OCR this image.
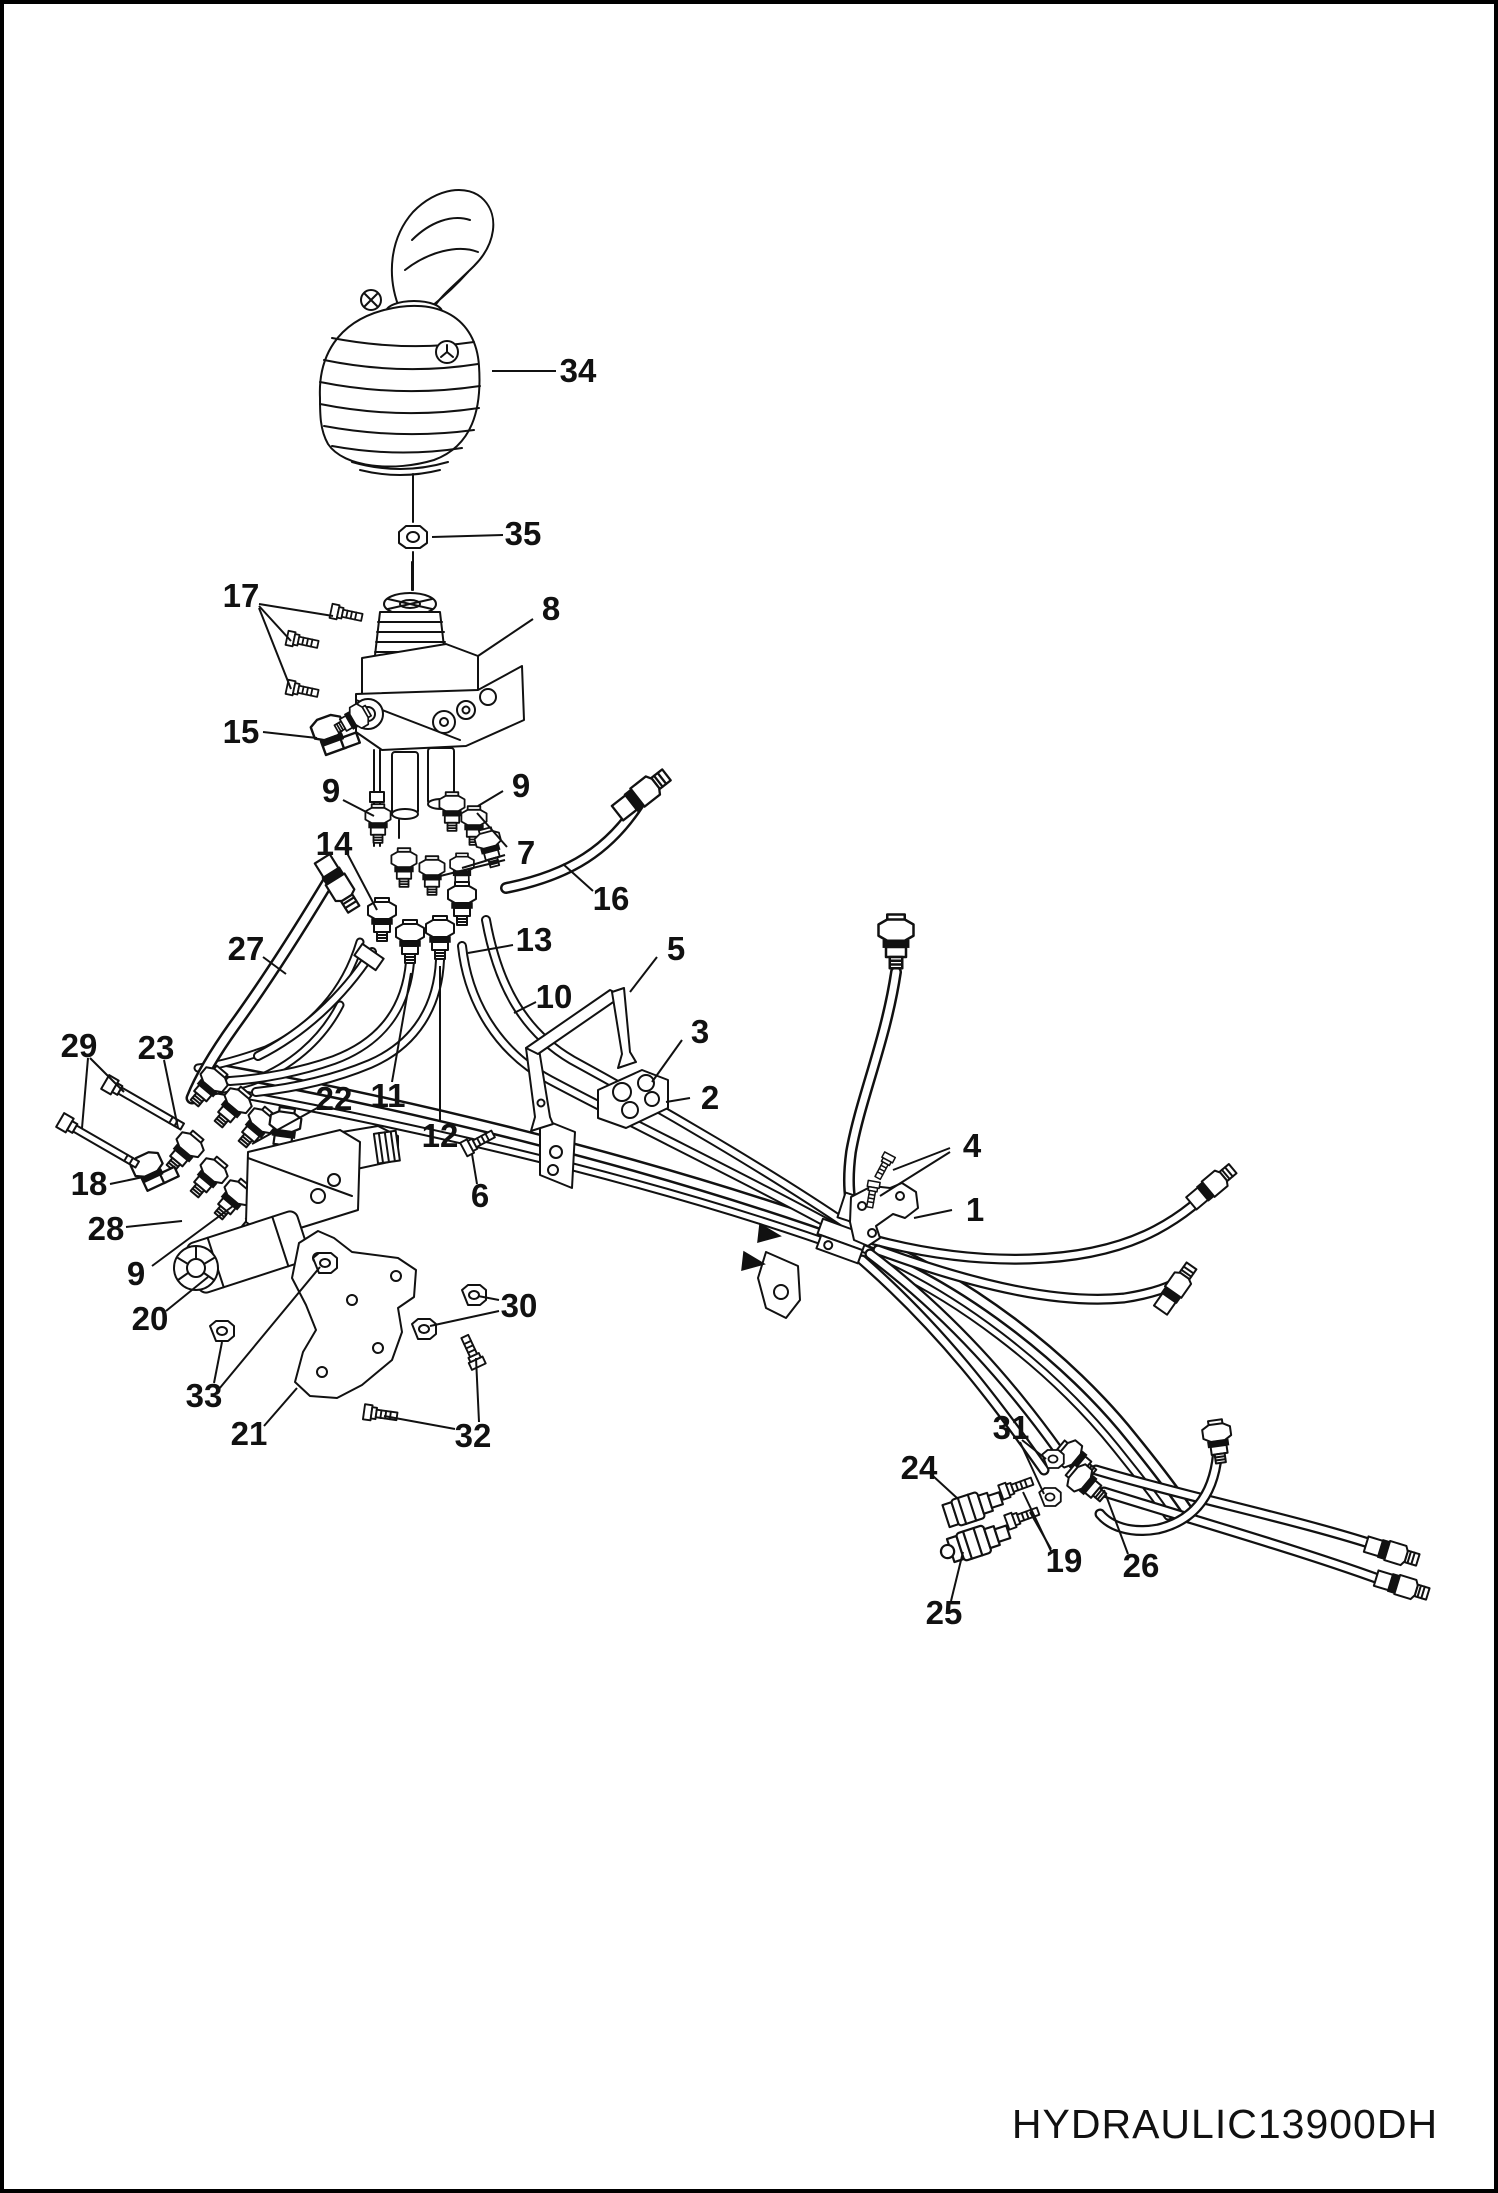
1
2
3
4
5
6
7
8
9	9
9
10
11
12
13
14
15
16
17
18
19
20
21
22
23
24
25
26
27
28
29
30
31
32
33
34
35
HYDRAULIC13900DH
